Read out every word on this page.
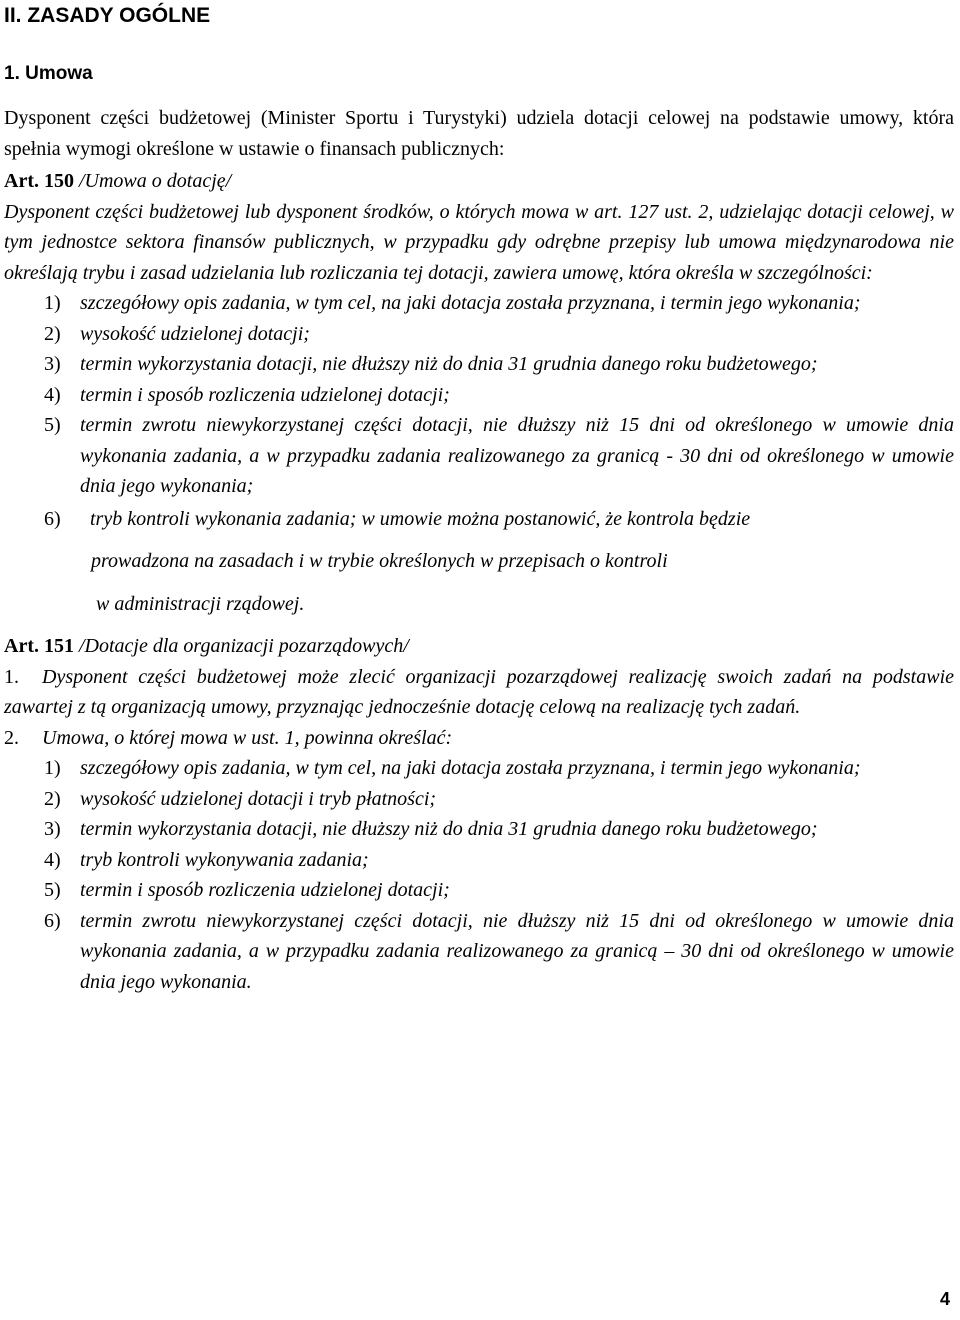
II. ZASADY OGÓLNE
1. Umowa

Dysponent części budżetowej (Minister Sportu i Turystyki) udziela dotacji celowej na podstawie umowy, która spełnia wymogi określone w ustawie o finansach publicznych:

Art. 150 /Umowa o dotację/

Dysponent części budżetowej lub dysponent środków, o których mowa w art. 127 ust. 2, udzielając dotacji celowej, w tym jednostce sektora finansów publicznych, w przypadku gdy odrębne przepisy lub umowa międzynarodowa nie określają trybu i zasad udzielania lub rozliczania tej dotacji, zawiera umowę, która określa w szczególności:

1) szczegółowy opis zadania, w tym cel, na jaki dotacja została przyznana, i termin jego wykonania;
2) wysokość udzielonej dotacji;
3) termin wykorzystania dotacji, nie dłuższy niż do dnia 31 grudnia danego roku budżetowego;
4) termin i sposób rozliczenia udzielonej dotacji;
5) termin zwrotu niewykorzystanej części dotacji, nie dłuższy niż 15 dni od określonego w umowie dnia wykonania zadania, a w przypadku zadania realizowanego za granicą - 30 dni od określonego w umowie dnia jego wykonania;

6) tryb kontroli wykonania zadania; w umowie można postanowić, że kontrola będzie

prowadzona na zasadach i w trybie określonych w przepisach o kontroli

w administracji rządowej.

Art. 151 /Dotacje dla organizacji pozarządowych/

1. Dysponent części budżetowej może zlecić organizacji pozarządowej realizację swoich zadań na podstawie zawartej z tą organizacją umowy, przyznając jednocześnie dotację celową na realizację tych zadań.

2. Umowa, o której mowa w ust. 1, powinna określać:

1) szczegółowy opis zadania, w tym cel, na jaki dotacja została przyznana, i termin jego wykonania;
2) wysokość udzielonej dotacji i tryb płatności;
3) termin wykorzystania dotacji, nie dłuższy niż do dnia 31 grudnia danego roku budżetowego;
4) tryb kontroli wykonywania zadania;
5) termin i sposób rozliczenia udzielonej dotacji;
6) termin zwrotu niewykorzystanej części dotacji, nie dłuższy niż 15 dni od określonego w umowie dnia wykonania zadania, a w przypadku zadania realizowanego za granicą – 30 dni od określonego w umowie dnia jego wykonania.
4
